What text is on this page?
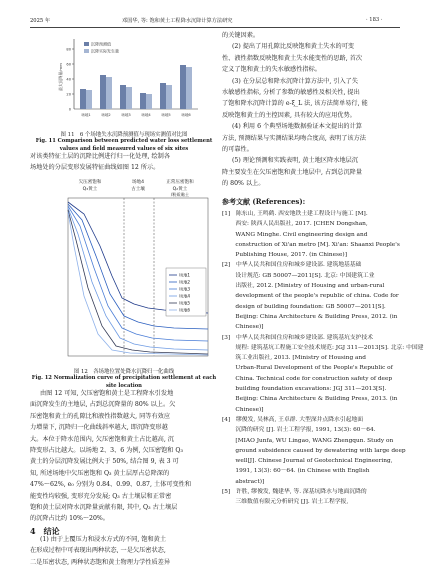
2025 年	邓国华, 等: 饱和黄土工程降水沉降计算方法研究	· 183 ·
80
60
40
20
0
最大沉降量/mm
沉降预测值
沉降实际发生量
场地1	场地2	场地3	场地4	场地5	场地6
图 11　6 个场地失水沉降预测值与现场实测值对比图
Fig. 11 Comparison between predicted water loss settlement
values and field measured values of six sites
对该类特征土层的沉降比例进行归一化处理, 绘制各
场地处的分层变形发展特征曲线如图 12 所示。
欠压密饱和
Q₃黄土
场地4
古土壤
正常压密饱和
Q₂黄土
/粉质黏土
场地1
场地2
场地3
场地4
场地5
场地6
图 12　各场地位置处降水沉降归一化曲线
Fig. 12 Normalization curve of precipitation settlement at each
site location
由图 12 可知, 欠压密饱和黄土是工程降水引发地
面沉降发生的主地层, 占到总沉降量的 80% 以上。欠
压密饱和黄土的孔隙比和液性指数越大, 同等有效应
力增量下, 沉降归一化曲线斜率越大, 即沉降变形越
大。本位于降水范围内, 欠压密饱和黄土占比越高, 沉
降变形占比越大。以场地 2、3、6 为例, 欠压密饱和 Q₃
黄土的分层沉降发展比例大于 50%, 结合图 9, 表 3 可
知, 所述场地中欠压密饱和 Q₃ 黄土层厚占总降深的
47%～62%, e₀ 分别为 0.84、0.99、0.87, 土体可变性和
能变性均较强, 变形充分发展; Q₃ 古土壤层和正常密
饱和黄土层对降水沉降量贡献有限, 其中, Q₃ 古土壤层
的沉降占比约 10%～20%。
4　结论
(1) 由于上覆压力和浸水方式的不同, 饱和黄土
在形成过程中可表现出两种状态, 一是欠压密状态,
二是压密状态, 两种状态饱和黄土物理力学性质差异
的关键因素。
(2) 提出了用孔隙比反映饱和黄土失水的可变
性、液性指数反映饱和黄土失水能变性的思路, 首次
定义了饱和黄土的失水敏感性指标。
(3) 在分层总和降水沉降计算方法中, 引入了失
水敏感性指标, 分析了参数的敏感性及相关性, 提出
了饱和降水沉降计算的 e-ξ_L 法, 该方法简单易行, 能
反映饱和黄土的主控因素, 具有较大的应用优势。
(4) 利用 6 个典型场地数据验证本文提出的计算
方法, 预测结果与实测结果均吻合度高, 表明了该方法
的可靠性。
(5) 理论预测和实践表明, 黄土地区降水地层沉
降主要发生在欠压密饱和黄土地层中, 占到总沉降量
的 80% 以上。
参考文献 (References):
[1]　陈东山, 王鸣鹤. 西安地铁土建工程设计与施工 [M].
　　 西安: 陕西人民出版社, 2017. [CHEN Dongshan,
　　 WANG Minghe. Civil engineering design and
　　 construction of Xi'an metro [M]. Xi'an: Shaanxi People's
　　 Publishing House, 2017. (in Chinese)]
[2]　中华人民共和国住房和城乡建设部. 建筑地基基础
　　 设计规范: GB 50007—2011[S]. 北京: 中国建筑工业
　　 出版社, 2012. [Ministry of Housing and urban-rural
　　 development of the people's republic of china. Code for
　　 design of building foundation: GB 50007—2011[S].
　　 Beijing: China Architecture & Building Press, 2012. (in
　　 Chinese)]
[3]　中华人民共和国住房和城乡建设部. 建筑基坑支护技术
　　 规程: 建筑基坑工程施工安全技术规范: JGJ 311—2013[S]. 北京: 中国建
　　 筑工业出版社, 2013. [Ministry of Housing and
　　 Urban-Rural Development of the People's Republic of
　　 China. Technical code for construction safety of deep
　　 building foundation excavations: JGJ 311—2013[S].
　　 Beijing: China Architecture & Building Press, 2013. (in
　　 Chinese)]
[4]　缪俊发, 吴林高, 王卓群. 大型深井点降水引起地面
　　 沉降的研究 [J]. 岩土工程学报, 1991, 13(3): 60－64.
　　 [MIAO Junfa, WU Lingao, WANG Zhengqun. Study on
　　 ground subsidence caused by dewatering with large deep
　　 well[J]. Chinese Journal of Geotechnical Engineering,
　　 1991, 13(3): 60－64. (in Chinese with English
　　 abstract)]
[5]　许胜, 缪俊发, 魏建华, 等. 深基坑降水与地面沉降的
　　 三维数值有限元分析研究 [J]. 岩土工程学报,
